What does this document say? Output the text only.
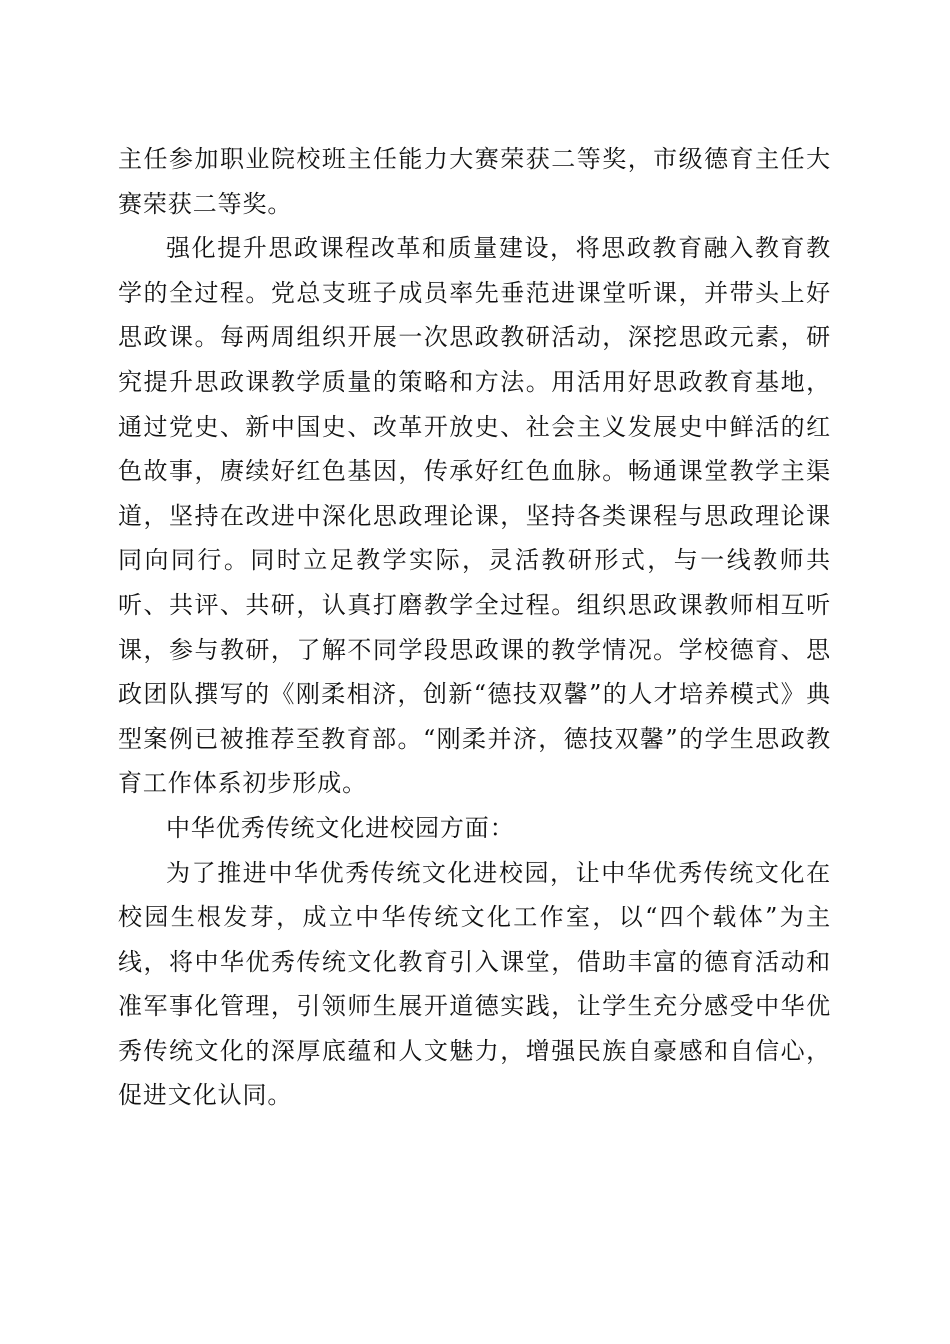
主任参加职业院校班主任能力大赛荣获二等奖，市级德育主任大赛荣获二等奖。

强化提升思政课程改革和质量建设，将思政教育融入教育教学的全过程。党总支班子成员率先垂范进课堂听课，并带头上好思政课。每两周组织开展一次思政教研活动，深挖思政元素，研究提升思政课教学质量的策略和方法。用活用好思政教育基地，通过党史、新中国史、改革开放史、社会主义发展史中鲜活的红色故事，赓续好红色基因，传承好红色血脉。畅通课堂教学主渠道，坚持在改进中深化思政理论课，坚持各类课程与思政理论课同向同行。同时立足教学实际，灵活教研形式，与一线教师共听、共评、共研，认真打磨教学全过程。组织思政课教师相互听课，参与教研，了解不同学段思政课的教学情况。学校德育、思政团队撰写的《刚柔相济，创新“德技双馨”的人才培养模式》典型案例已被推荐至教育部。“刚柔并济，德技双馨”的学生思政教育工作体系初步形成。

中华优秀传统文化进校园方面：

为了推进中华优秀传统文化进校园，让中华优秀传统文化在校园生根发芽，成立中华传统文化工作室，以“四个载体”为主线，将中华优秀传统文化教育引入课堂，借助丰富的德育活动和准军事化管理，引领师生展开道德实践，让学生充分感受中华优秀传统文化的深厚底蕴和人文魅力，增强民族自豪感和自信心，促进文化认同。
